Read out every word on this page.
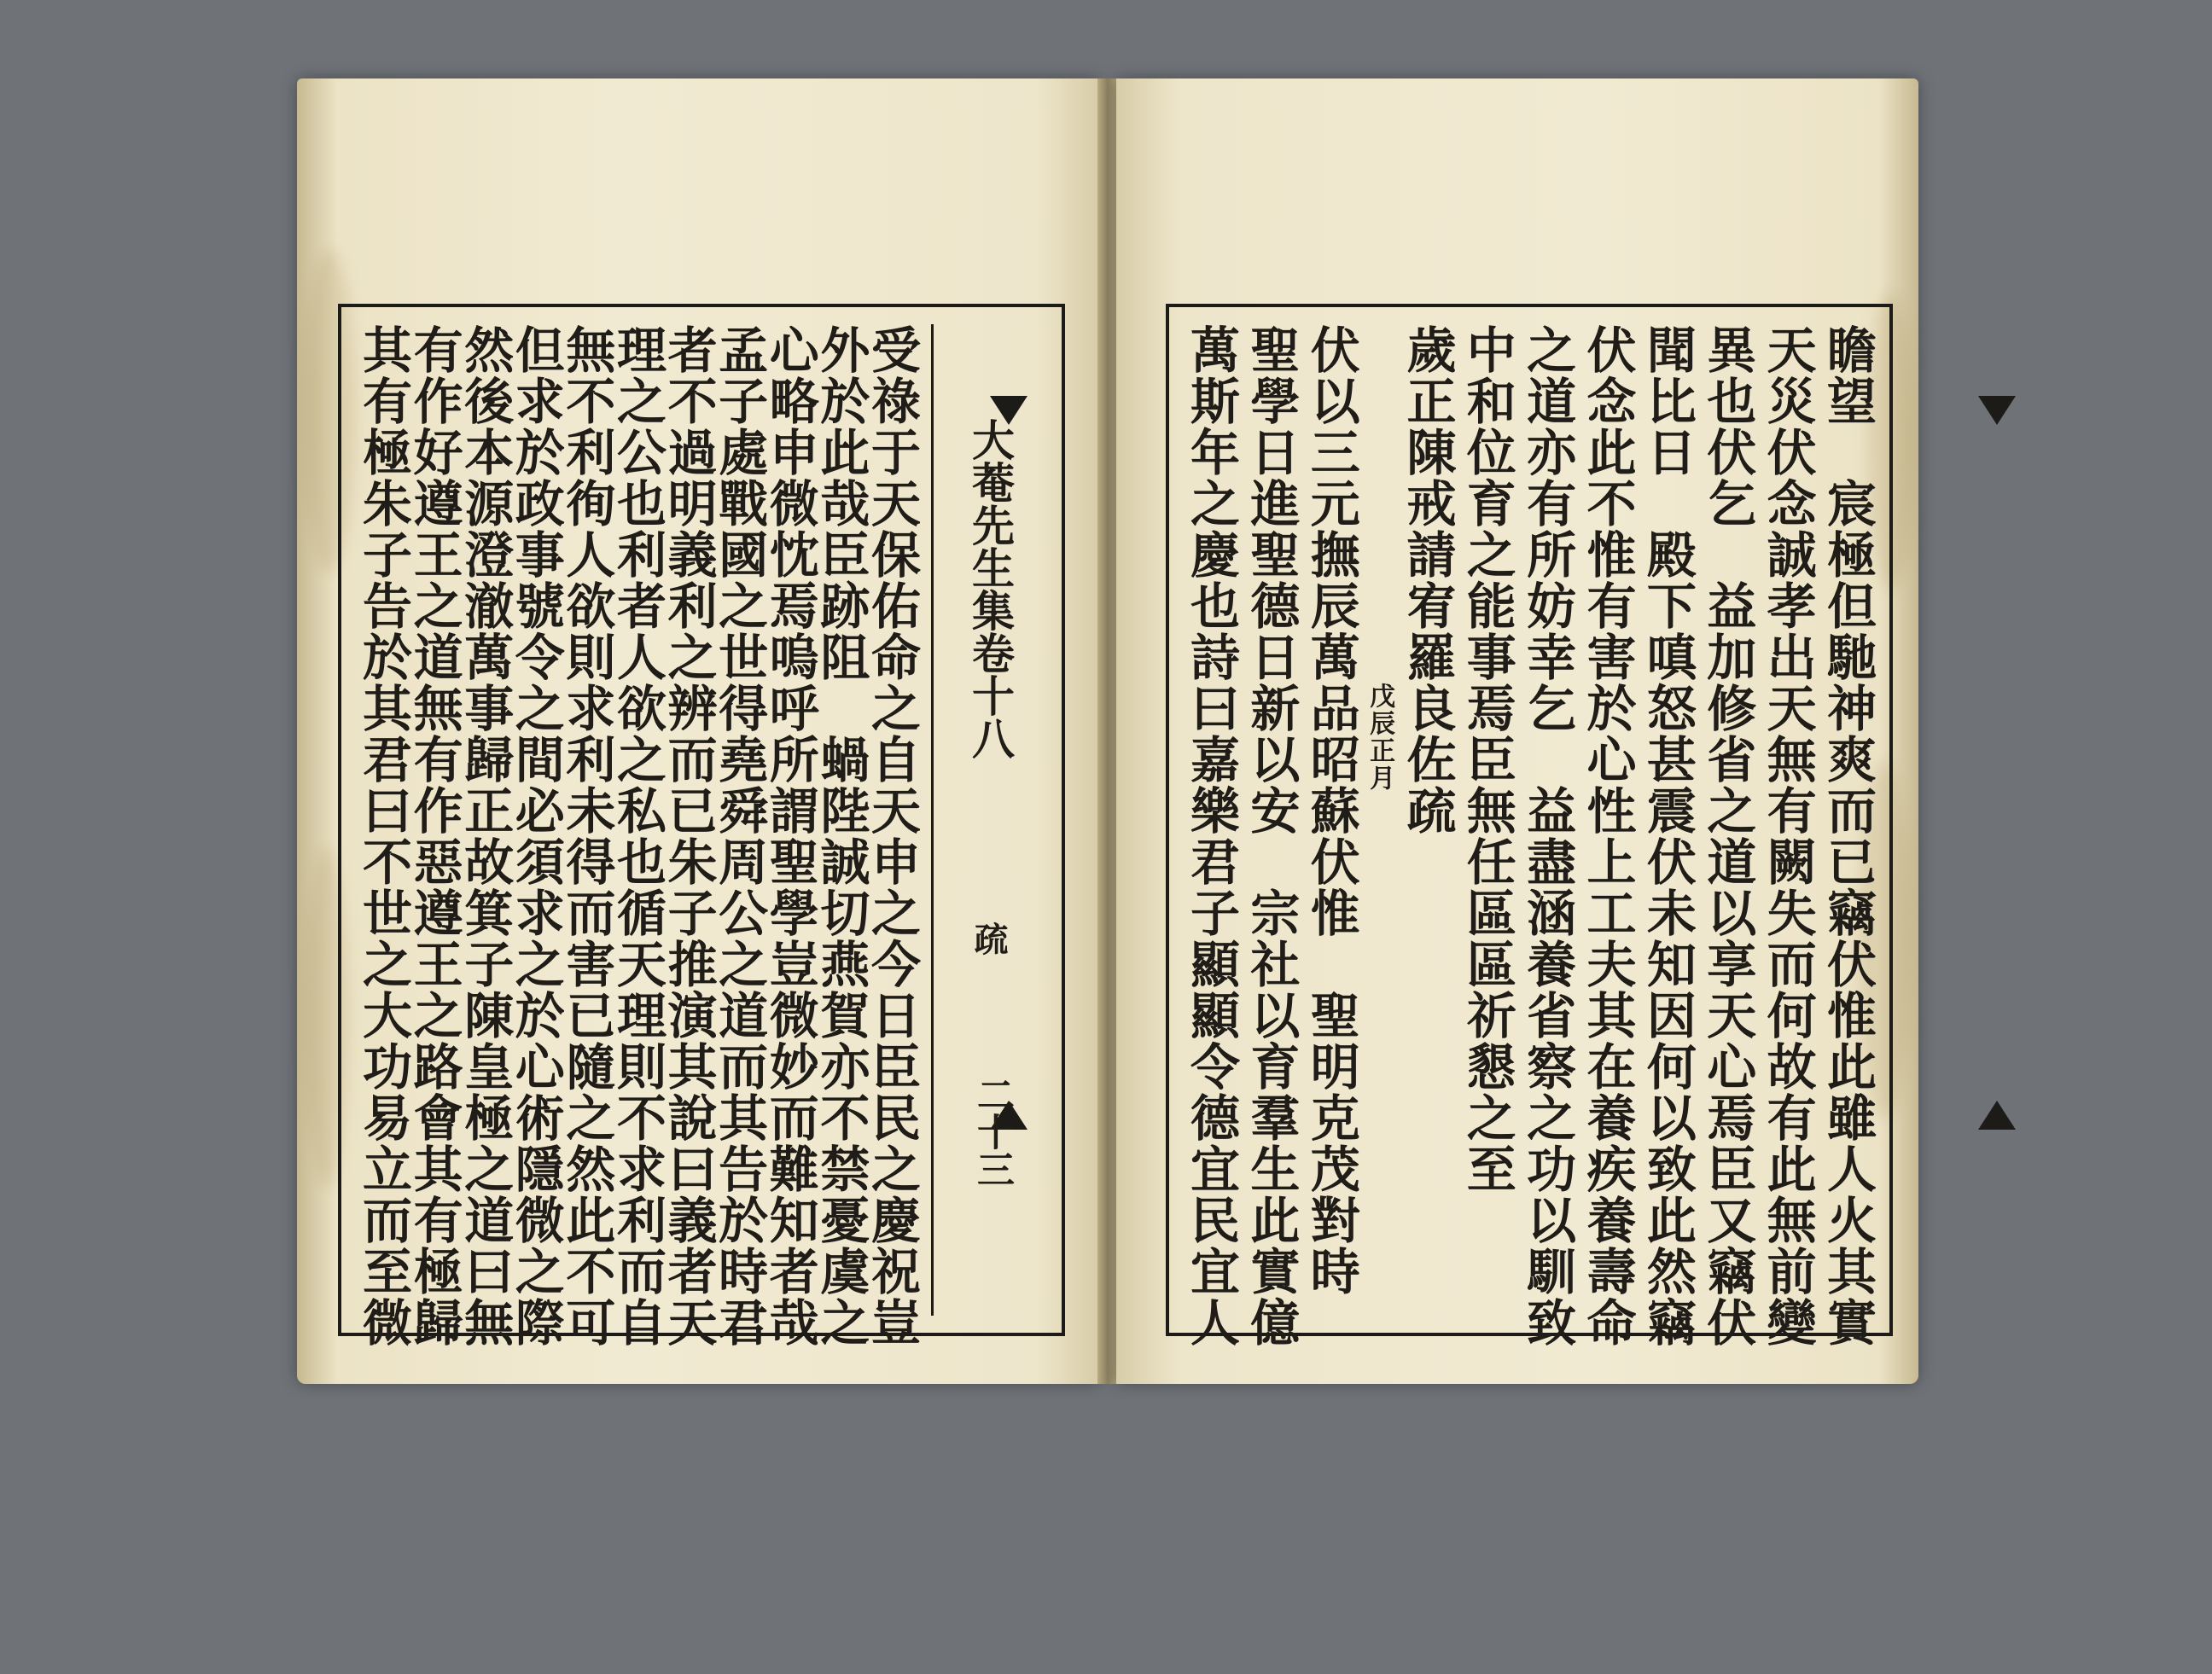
大菴先生集卷十八
疏
二十三
受祿于天保佑命之自天申之今日臣民之慶祝豈
外於此哉臣跡阻　蝸陛誠切燕賀亦不禁憂虞之
心略申微忱焉嗚呼所謂聖學豈微妙而難知者哉
孟子處戰國之世得堯舜周公之道而其告於時君
者不過明義利之辨而已朱子推演其說曰義者天
理之公也利者人欲之私也循天理則不求利而自
無不利徇人欲則求利未得而害已隨之然此不可
但求於政事號令之間必須求之於心術隱微之際
然後本源澄澈萬事歸正故箕子陳皇極之道曰無
有作好遵王之道無有作惡遵王之路會其有極歸
其有極朱子告於其君曰不世之大功易立而至微	瞻望　宸極但馳神爽而已竊伏惟此雖人火其實
天災伏念誠孝出天無有闕失而何故有此無前變
異也伏乞　益加修省之道以享天心焉臣又竊伏
聞比日　殿下嗔怒甚震伏未知因何以致此然竊
伏念此不惟有害於心性上工夫其在養疾養壽命
之道亦有所妨幸乞　益盡涵養省察之功以馴致
中和位育之能事焉臣無任區區祈懇之至
歲正陳戒請宥羅良佐疏
戊辰正月
伏以三元撫辰萬品昭蘇伏惟　聖明克茂對時
聖學日進聖德日新以安　宗社以育羣生此實億
萬斯年之慶也詩曰嘉樂君子顯顯令德宜民宜人
